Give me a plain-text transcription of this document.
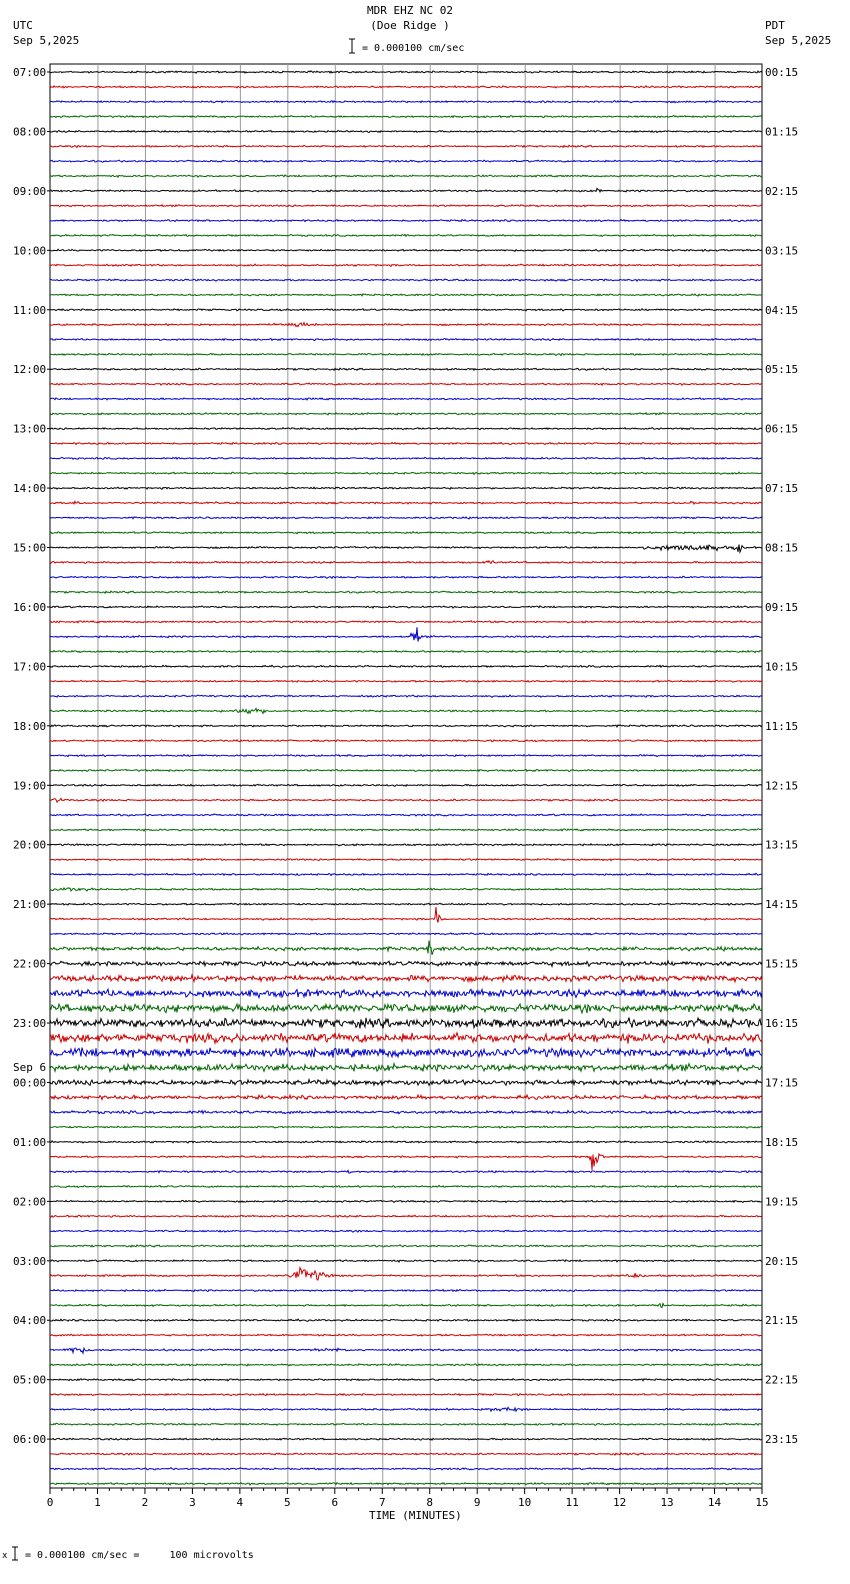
MDR EHZ NC 02
(Doe Ridge )
= 0.000100 cm/sec
UTC
Sep 5,2025
PDT
Sep 5,2025
Sep 6
TIME (MINUTES)
x = 0.000100 cm/sec =     100 microvolts
07:00	00:15
08:00	01:15
09:00	02:15
10:00	03:15
11:00	04:15
12:00	05:15
13:00	06:15
14:00	07:15
15:00	08:15
16:00	09:15
17:00	10:15
18:00	11:15
19:00	12:15
20:00	13:15
21:00	14:15
22:00	15:15
23:00	16:15
00:00	17:15
01:00	18:15
02:00	19:15
03:00	20:15
04:00	21:15
05:00	22:15
06:00	23:15
0	1	2	3	4	5	6	7	8	9	10	11	12	13	14	15
